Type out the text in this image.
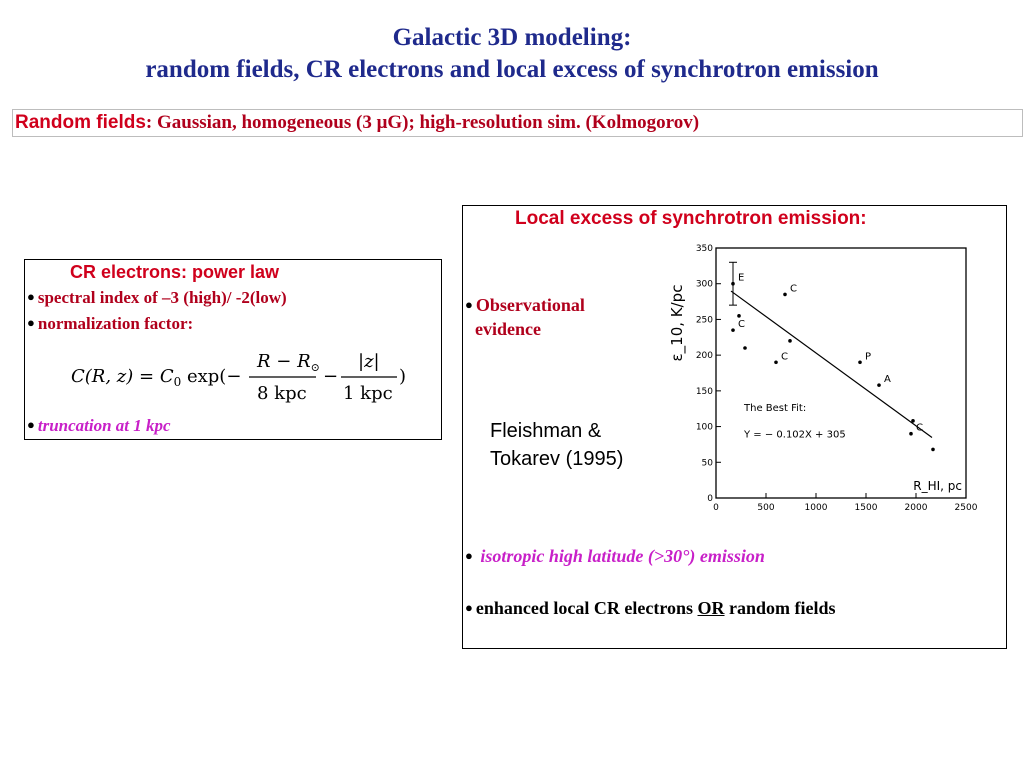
Galactic 3D modeling:
random fields, CR electrons and local excess of synchrotron emission
Random fields: Gaussian, homogeneous (3 μG); high-resolution sim. (Kolmogorov)
CR electrons: power law
● spectral index of –3 (high)/ -2(low)
● normalization factor:
C(R, $z) = C_0$ exp(−
$R - R_⊙$
8 kpc
−
|z|
1 kpc
)
● truncation at 1 kpc
Local excess of synchrotron emission:
● Observational
evidence
Fleishman &
Tokarev (1995)
0	500	1000	1500	2000	2500
0
50
100
150
200
250
300
350
ε_10, K/pc
R_HI, pc
The Best Fit:
Y = − 0.102X + 305
E
C
C
C	P
A
C
● isotropic high latitude (>30°) emission
● enhanced local CR electrons OR random fields
